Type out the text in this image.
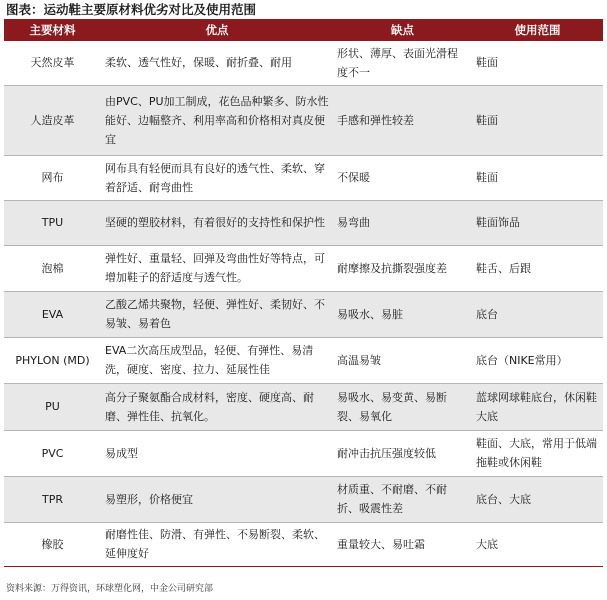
图表：运动鞋主要原材料优劣对比及使用范围
主要材料	优点	缺点	使用范围
天然皮革	柔软、透气性好，保暖、耐折叠、耐用	形状、薄厚、表面光滑程度不一	鞋面
人造皮革	由PVC、PU加工制成，花色品种繁多、防水性能好、边幅整齐、利用率高和价格相对真皮便宜	手感和弹性较差	鞋面
网布	网布具有轻便而具有良好的透气性、柔软、穿着舒适、耐弯曲性	不保暖	鞋面
TPU	坚硬的塑胶材料，有着很好的支持性和保护性	易弯曲	鞋面饰品
泡棉	弹性好、重量轻、回弹及弯曲性好等特点，可增加鞋子的舒适度与透气性。	耐摩擦及抗撕裂强度差	鞋舌、后跟
EVA	乙酸乙烯共聚物，轻便、弹性好、柔韧好、不易皱、易着色	易吸水、易脏	底台
PHYLON (MD)	EVA二次高压成型品，轻便、有弹性、易清洗，硬度、密度、拉力、延展性佳	高温易皱	底台（NIKE常用）
PU	高分子聚氨酯合成材料，密度、硬度高、耐磨、弹性佳、抗氧化。	易吸水、易变黄、易断裂、易氧化	蓝球网球鞋底台，休闲鞋大底
PVC	易成型	耐冲击抗压强度较低	鞋面、大底，常用于低端拖鞋或休闲鞋
TPR	易塑形，价格便宜	材质重、不耐磨、不耐折、吸震性差	底台、大底
橡胶	耐磨性佳、防滑、有弹性、不易断裂、柔软、延伸度好	重量较大、易吐霜	大底
资料来源：万得资讯，环球塑化网，中金公司研究部
